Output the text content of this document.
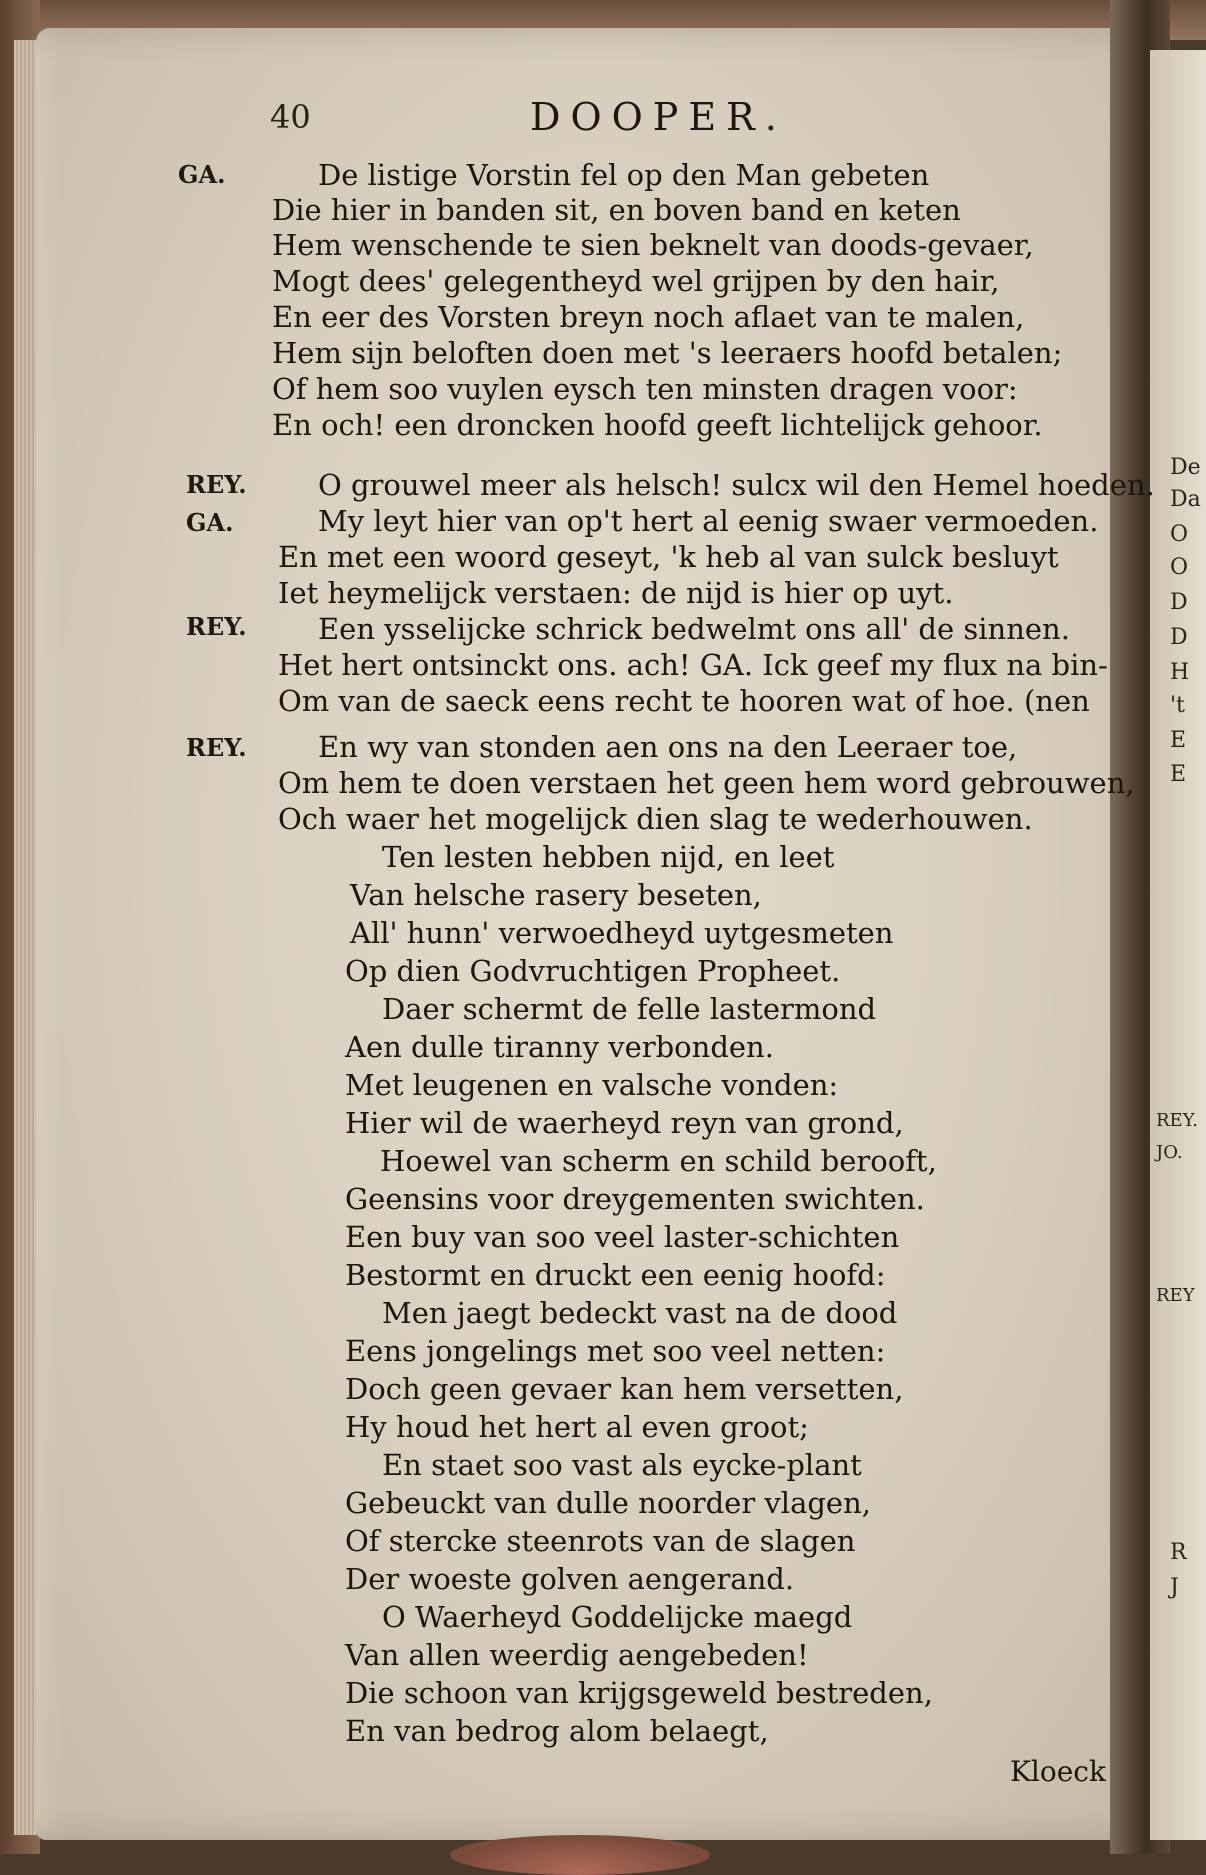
De
Da
O
O
D
D
H
't
E
E
REY.
JO.
REY
R
J
40	DOOPER.
GA.
REY.
GA.
REY.
REY.
De listige Vorstin fel op den Man gebeten
Die hier in banden sit, en boven band en keten
Hem wenschende te sien beknelt van doods-gevaer,
Mogt dees' gelegentheyd wel grijpen by den hair,
En eer des Vorsten breyn noch aflaet van te malen,
Hem sijn beloften doen met 's leeraers hoofd betalen;
Of hem soo vuylen eysch ten minsten dragen voor:
En och! een droncken hoofd geeft lichtelijck gehoor.
O grouwel meer als helsch! sulcx wil den Hemel hoeden.
My leyt hier van op't hert al eenig swaer vermoeden.
En met een woord geseyt, 'k heb al van sulck besluyt
Iet heymelijck verstaen: de nijd is hier op uyt.
Een ysselijcke schrick bedwelmt ons all' de sinnen.
Het hert ontsinckt ons. ach! GA. Ick geef my flux na bin-
Om van de saeck eens recht te hooren wat of hoe. (nen
En wy van stonden aen ons na den Leeraer toe,
Om hem te doen verstaen het geen hem word gebrouwen,
Och waer het mogelijck dien slag te wederhouwen.
Ten lesten hebben nijd, en leet
Van helsche rasery beseten,
All' hunn' verwoedheyd uytgesmeten
Op dien Godvruchtigen Propheet.
Daer schermt de felle lastermond
Aen dulle tiranny verbonden.
Met leugenen en valsche vonden:
Hier wil de waerheyd reyn van grond,
Hoewel van scherm en schild berooft,
Geensins voor dreygementen swichten.
Een buy van soo veel laster-schichten
Bestormt en druckt een eenig hoofd:
Men jaegt bedeckt vast na de dood
Eens jongelings met soo veel netten:
Doch geen gevaer kan hem versetten,
Hy houd het hert al even groot;
En staet soo vast als eycke-plant
Gebeuckt van dulle noorder vlagen,
Of stercke steenrots van de slagen
Der woeste golven aengerand.
O Waerheyd Goddelijcke maegd
Van allen weerdig aengebeden!
Die schoon van krijgsgeweld bestreden,
En van bedrog alom belaegt,
Kloeck
